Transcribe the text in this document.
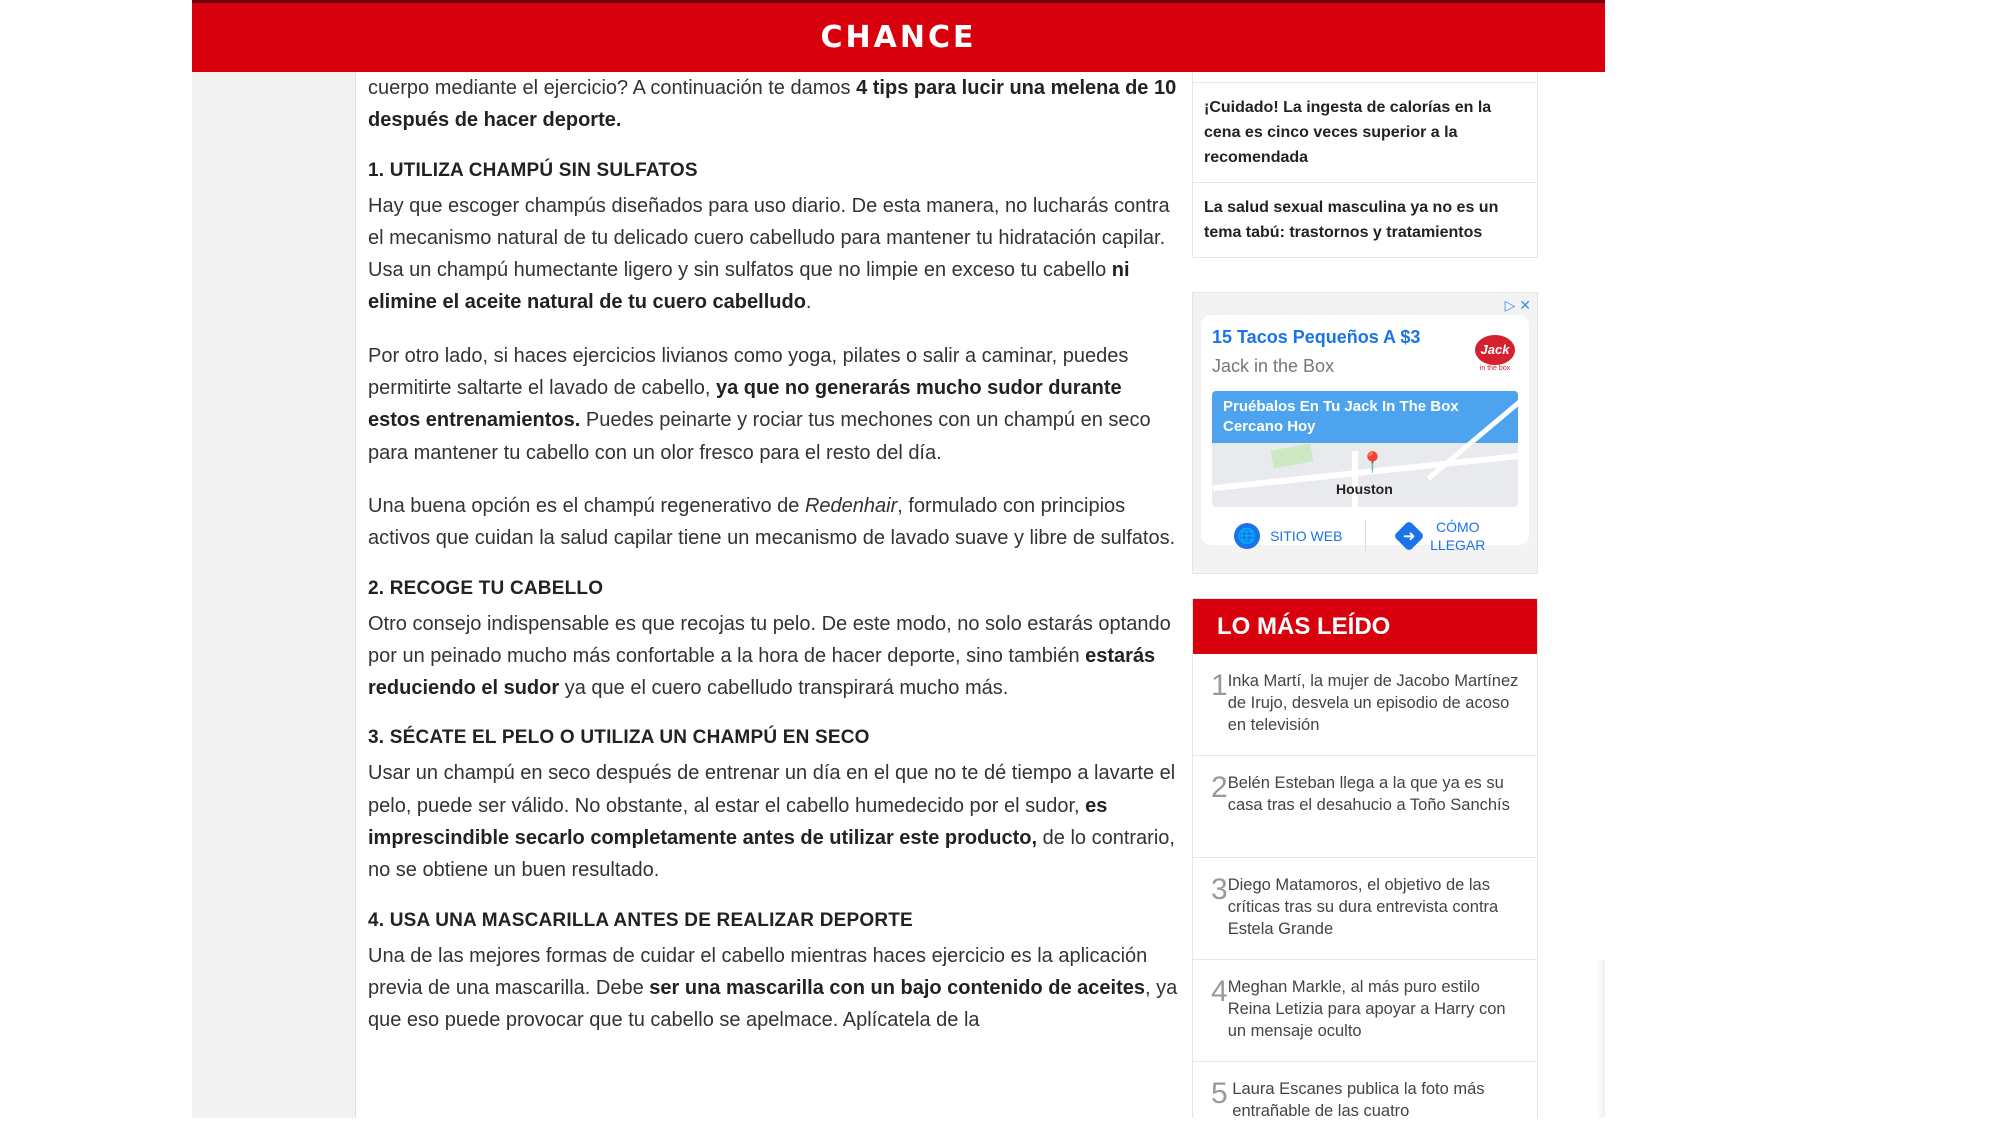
CHANCE

cuerpo mediante el ejercicio? A continuación te damos 4 tips para lucir una melena de 10 después de hacer deporte.

1. UTILIZA CHAMPÚ SIN SULFATOS

Hay que escoger champús diseñados para uso diario. De esta manera, no lucharás contra el mecanismo natural de tu delicado cuero cabelludo para mantener tu hidratación capilar. Usa un champú humectante ligero y sin sulfatos que no limpie en exceso tu cabello ni elimine el aceite natural de tu cuero cabelludo.

Por otro lado, si haces ejercicios livianos como yoga, pilates o salir a caminar, puedes permitirte saltarte el lavado de cabello, ya que no generarás mucho sudor durante estos entrenamientos. Puedes peinarte y rociar tus mechones con un champú en seco para mantener tu cabello con un olor fresco para el resto del día.

Una buena opción es el champú regenerativo de Redenhair, formulado con principios activos que cuidan la salud capilar tiene un mecanismo de lavado suave y libre de sulfatos.

2. RECOGE TU CABELLO

Otro consejo indispensable es que recojas tu pelo. De este modo, no solo estarás optando por un peinado mucho más confortable a la hora de hacer deporte, sino también estarás reduciendo el sudor ya que el cuero cabelludo transpirará mucho más.

3. SÉCATE EL PELO O UTILIZA UN CHAMPÚ EN SECO

Usar un champú en seco después de entrenar un día en el que no te dé tiempo a lavarte el pelo, puede ser válido. No obstante, al estar el cabello humedecido por el sudor, es imprescindible secarlo completamente antes de utilizar este producto, de lo contrario, no se obtiene un buen resultado.

4. USA UNA MASCARILLA ANTES DE REALIZAR DEPORTE

Una de las mejores formas de cuidar el cabello mientras haces ejercicio es la aplicación previa de una mascarilla. Debe ser una mascarilla con un bajo contenido de aceites, ya que eso puede provocar que tu cabello se apelmace. Aplícatela de la

¡Cuidado! La ingesta de calorías en la cena es cinco veces superior a la recomendada
La salud sexual masculina ya no es un tema tabú: trastornos y tratamientos
▷ ✕
15 Tacos Pequeños A $3
Jack in the Box
Jack
in the box
Pruébalos En Tu Jack In The Box Cercano Hoy
📍
Houston
🌐 SITIO WEB	➜
CÓMO
LLEGAR
LO MÁS LEÍDO
1 Inka Martí, la mujer de Jacobo Martínez de Irujo, desvela un episodio de acoso en televisión
2 Belén Esteban llega a la que ya es su casa tras el desahucio a Toño Sanchís
3 Diego Matamoros, el objetivo de las críticas tras su dura entrevista contra Estela Grande
4 Meghan Markle, al más puro estilo Reina Letizia para apoyar a Harry con un mensaje oculto
5 Laura Escanes publica la foto más entrañable de las cuatro
